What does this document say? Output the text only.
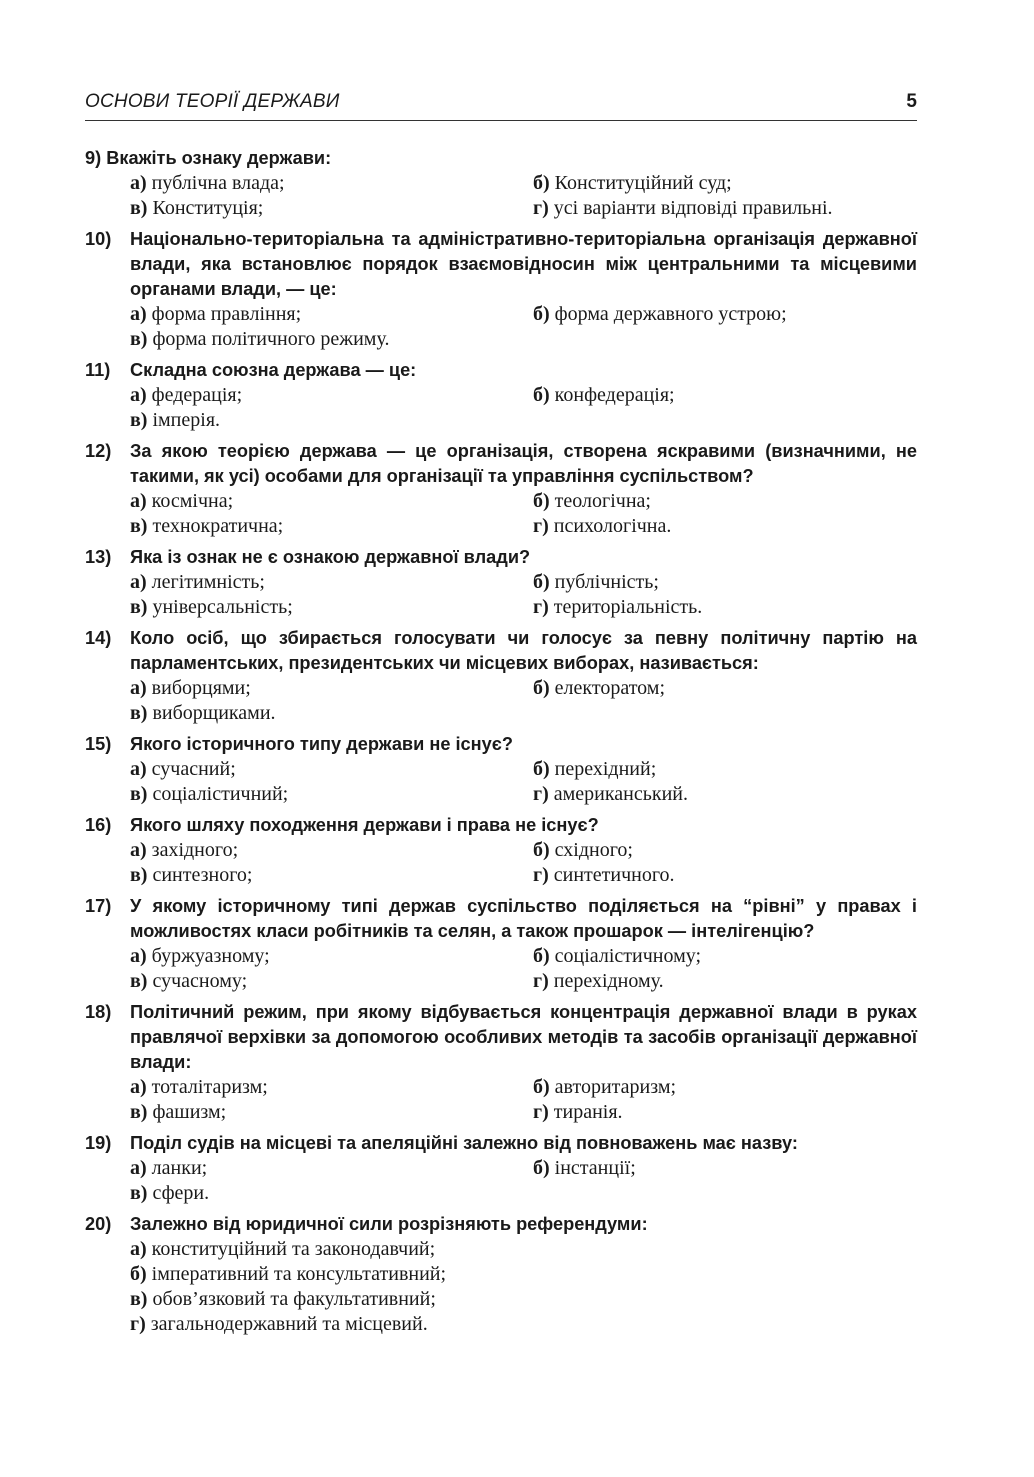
ОСНОВИ ТЕОРІЇ ДЕРЖАВИ	5
9) Вкажіть ознаку держави:
а) публічна влада;	б) Конституційний суд;
в) Конституція;	г) усі варіанти відповіді правильні.
10)	Національно-територіальна та адміністративно-територіальна організація державної влади, яка встановлює порядок взаємовідносин між центральними та місцевими органами влади, — це:
а) форма правління;	б) форма державного устрою;
в) форма політичного режиму.
11)	Складна союзна держава — це:
а) федерація;	б) конфедерація;
в) імперія.
12)	За якою теорією держава — це організація, створена яскравими (визначними, не такими, як усі) особами для організації та управління суспільством?
а) космічна;	б) теологічна;
в) технократична;	г) психологічна.
13)	Яка із ознак не є ознакою державної влади?
а) легітимність;	б) публічність;
в) універсальність;	г) територіальність.
14)	Коло осіб, що збирається голосувати чи голосує за певну політичну партію на парламентських, президентських чи місцевих виборах, називається:
а) виборцями;	б) електоратом;
в) виборщиками.
15)	Якого історичного типу держави не існує?
а) сучасний;	б) перехідний;
в) соціалістичний;	г) американський.
16)	Якого шляху походження держави і права не існує?
а) західного;	б) східного;
в) синтезного;	г) синтетичного.
17)	У якому історичному типі держав суспільство поділяється на “рівні” у правах і можливостях класи робітників та селян, а також прошарок — інтелігенцію?
а) буржуазному;	б) соціалістичному;
в) сучасному;	г) перехідному.
18)	Політичний режим, при якому відбувається концентрація державної влади в руках правлячої верхівки за допомогою особливих методів та засобів організації державної влади:
а) тоталітаризм;	б) авторитаризм;
в) фашизм;	г) тиранія.
19)	Поділ судів на місцеві та апеляційні залежно від повноважень має назву:
а) ланки;	б) інстанції;
в) сфери.
20)	Залежно від юридичної сили розрізняють референдуми:
а) конституційний та законодавчий;
б) імперативний та консультативний;
в) обов’язковий та факультативний;
г) загальнодержавний та місцевий.
